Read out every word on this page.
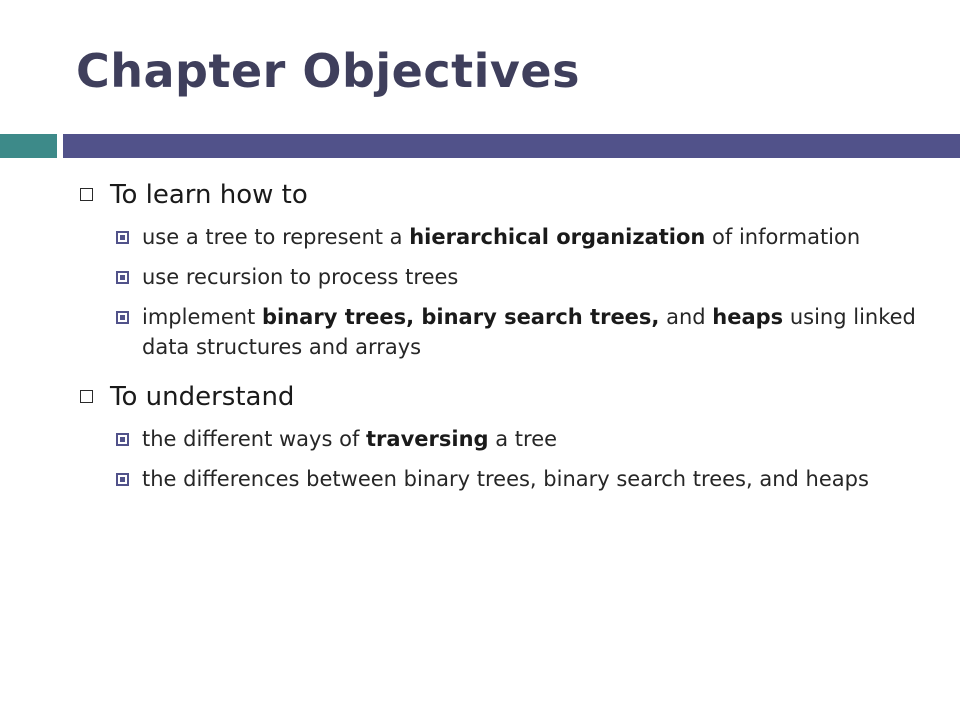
Chapter Objectives
To learn how to
use a tree to represent a hierarchical organization of information
use recursion to process trees
implement binary trees, binary search trees, and heaps using linked data structures and arrays
To understand
the different ways of traversing a tree
the differences between binary trees, binary search trees, and heaps
